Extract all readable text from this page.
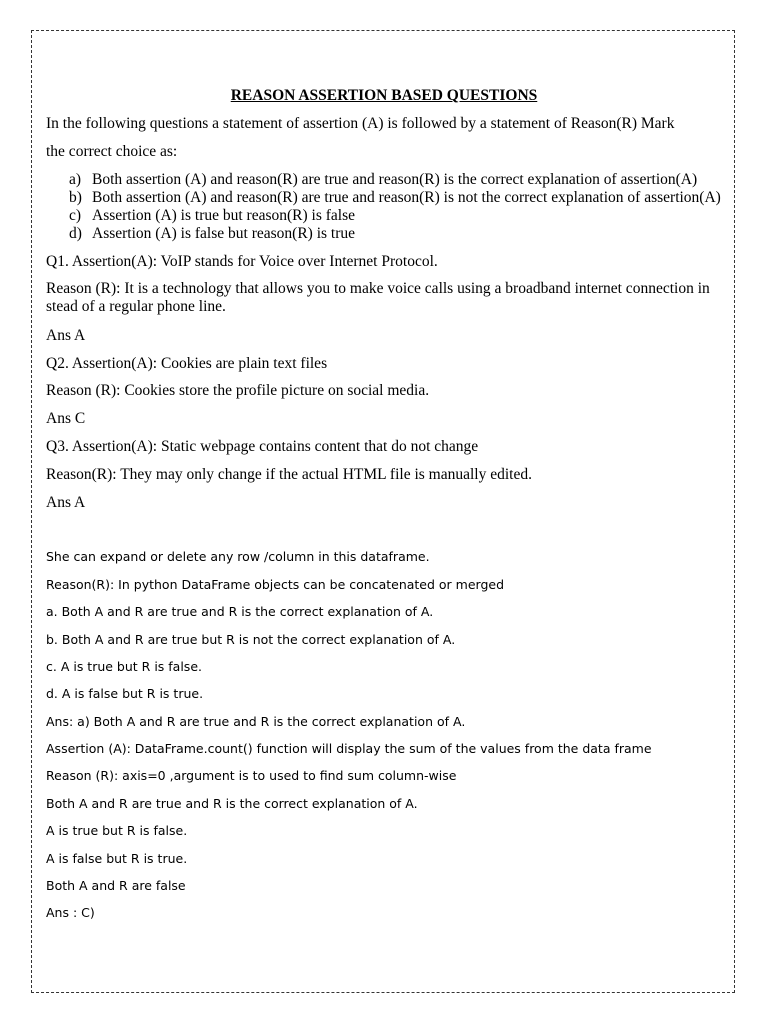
REASON ASSERTION BASED QUESTIONS
In the following questions a statement of assertion (A) is followed by a statement of Reason(R) Mark
the correct choice as:
a) Both assertion (A) and reason(R) are true and reason(R) is the correct explanation of assertion(A)
b) Both assertion (A) and reason(R) are true and reason(R) is not the correct explanation of assertion(A)
c) Assertion (A) is true but reason(R) is false
d) Assertion (A) is false but reason(R) is true
Q1. Assertion(A): VoIP stands for Voice over Internet Protocol.
Reason (R): It is a technology that allows you to make voice calls using a broadband internet connection in stead of a regular phone line.
Ans A
Q2. Assertion(A): Cookies are plain text files
Reason (R): Cookies store the profile picture on social media.
Ans C
Q3. Assertion(A): Static webpage contains content that do not change
Reason(R): They may only change if the actual HTML file is manually edited.
Ans A
She can expand or delete any row /column in this dataframe.
Reason(R): In python DataFrame objects can be concatenated or merged
a. Both A and R are true and R is the correct explanation of A.
b. Both A and R are true but R is not the correct explanation of A.
c. A is true but R is false.
d. A is false but R is true.
Ans: a) Both A and R are true and R is the correct explanation of A.
Assertion (A): DataFrame.count() function will display the sum of the values from the data frame
Reason (R): axis=0 ,argument is to used to find sum column-wise
Both A and R are true and R is the correct explanation of A.
A is true but R is false.
A is false but R is true.
Both A and R are false
Ans : C)
